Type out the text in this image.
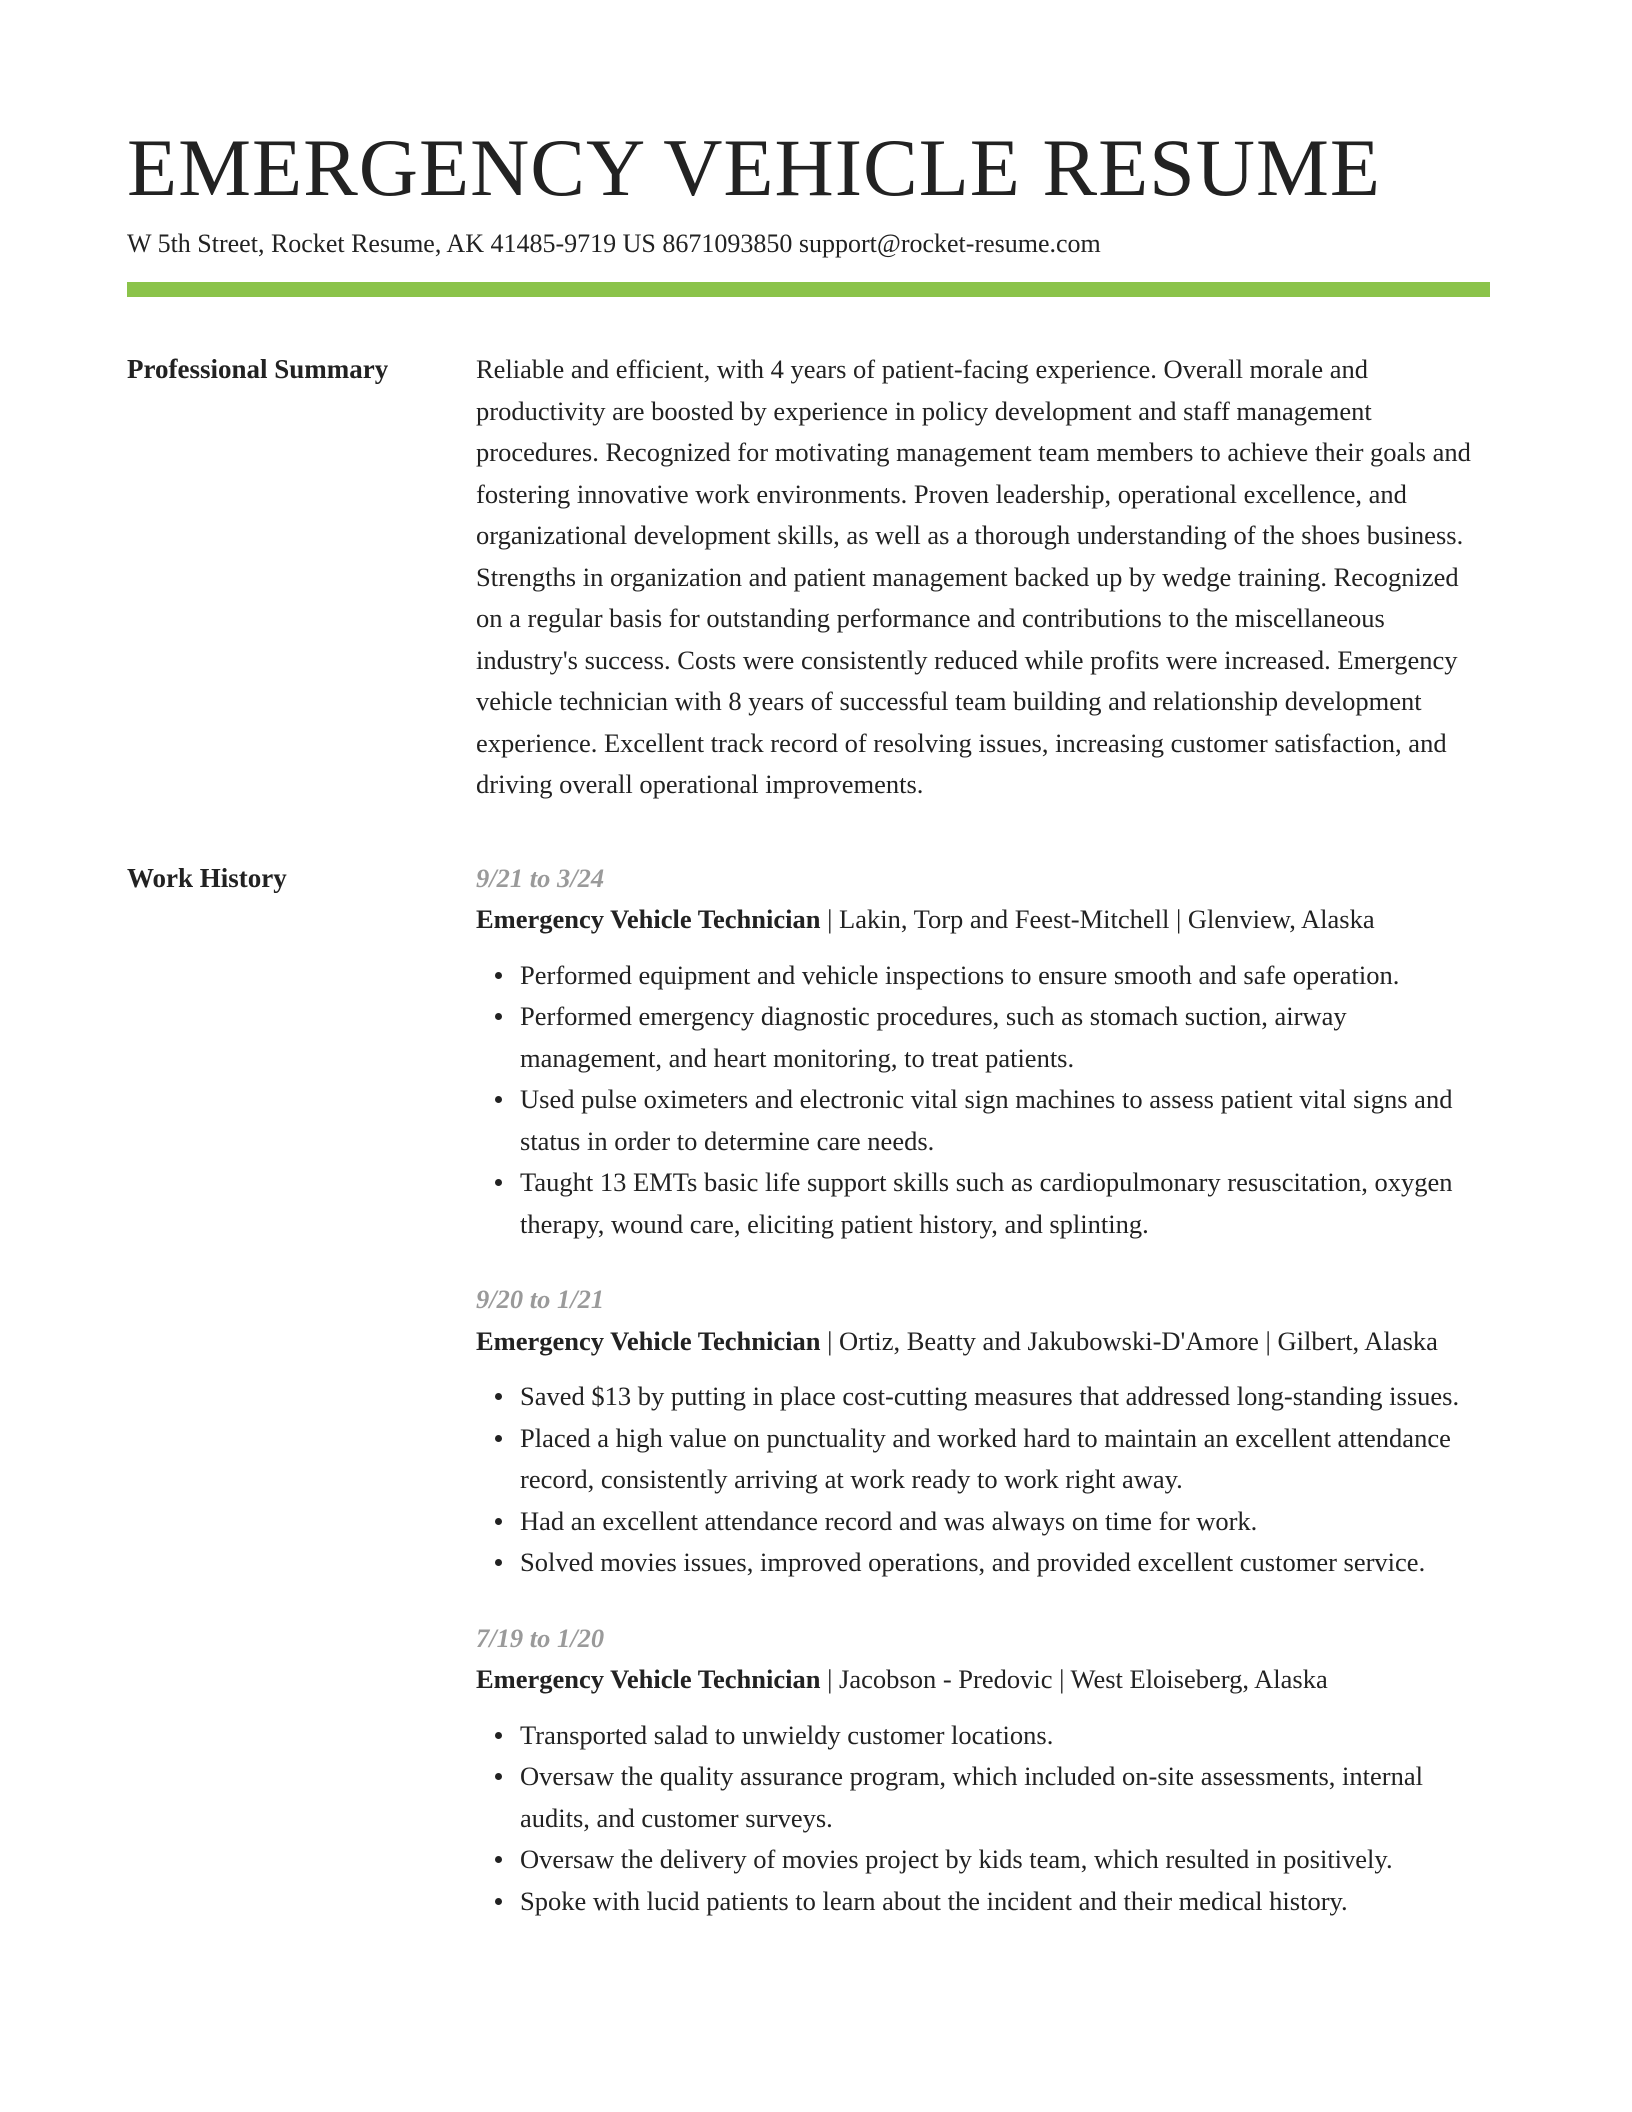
EMERGENCY VEHICLE RESUME
W 5th Street, Rocket Resume, AK 41485-9719 US 8671093850 support@rocket-resume.com
Professional Summary	Reliable and efficient, with 4 years of patient-facing experience. Overall morale and productivity are boosted by experience in policy development and staff management procedures. Recognized for motivating management team members to achieve their goals and fostering innovative work environments. Proven leadership, operational excellence, and organizational development skills, as well as a thorough understanding of the shoes business. Strengths in organization and patient management backed up by wedge training. Recognized on a regular basis for outstanding performance and contributions to the miscellaneous industry's success. Costs were consistently reduced while profits were increased. Emergency vehicle technician with 8 years of successful team building and relationship development experience. Excellent track record of resolving issues, increasing customer satisfaction, and driving overall operational improvements.

Work History	9/21 to 3/24
Emergency Vehicle Technician | Lakin, Torp and Feest-Mitchell | Glenview, Alaska
Performed equipment and vehicle inspections to ensure smooth and safe operation.
Performed emergency diagnostic procedures, such as stomach suction, airway management, and heart monitoring, to treat patients.
Used pulse oximeters and electronic vital sign machines to assess patient vital signs and status in order to determine care needs.
Taught 13 EMTs basic life support skills such as cardiopulmonary resuscitation, oxygen therapy, wound care, eliciting patient history, and splinting.
9/20 to 1/21
Emergency Vehicle Technician | Ortiz, Beatty and Jakubowski-D'Amore | Gilbert, Alaska
Saved $13 by putting in place cost-cutting measures that addressed long-standing issues.
Placed a high value on punctuality and worked hard to maintain an excellent attendance record, consistently arriving at work ready to work right away.
Had an excellent attendance record and was always on time for work.
Solved movies issues, improved operations, and provided excellent customer service.
7/19 to 1/20
Emergency Vehicle Technician | Jacobson - Predovic | West Eloiseberg, Alaska
Transported salad to unwieldy customer locations.
Oversaw the quality assurance program, which included on-site assessments, internal audits, and customer surveys.
Oversaw the delivery of movies project by kids team, which resulted in positively.
Spoke with lucid patients to learn about the incident and their medical history.
